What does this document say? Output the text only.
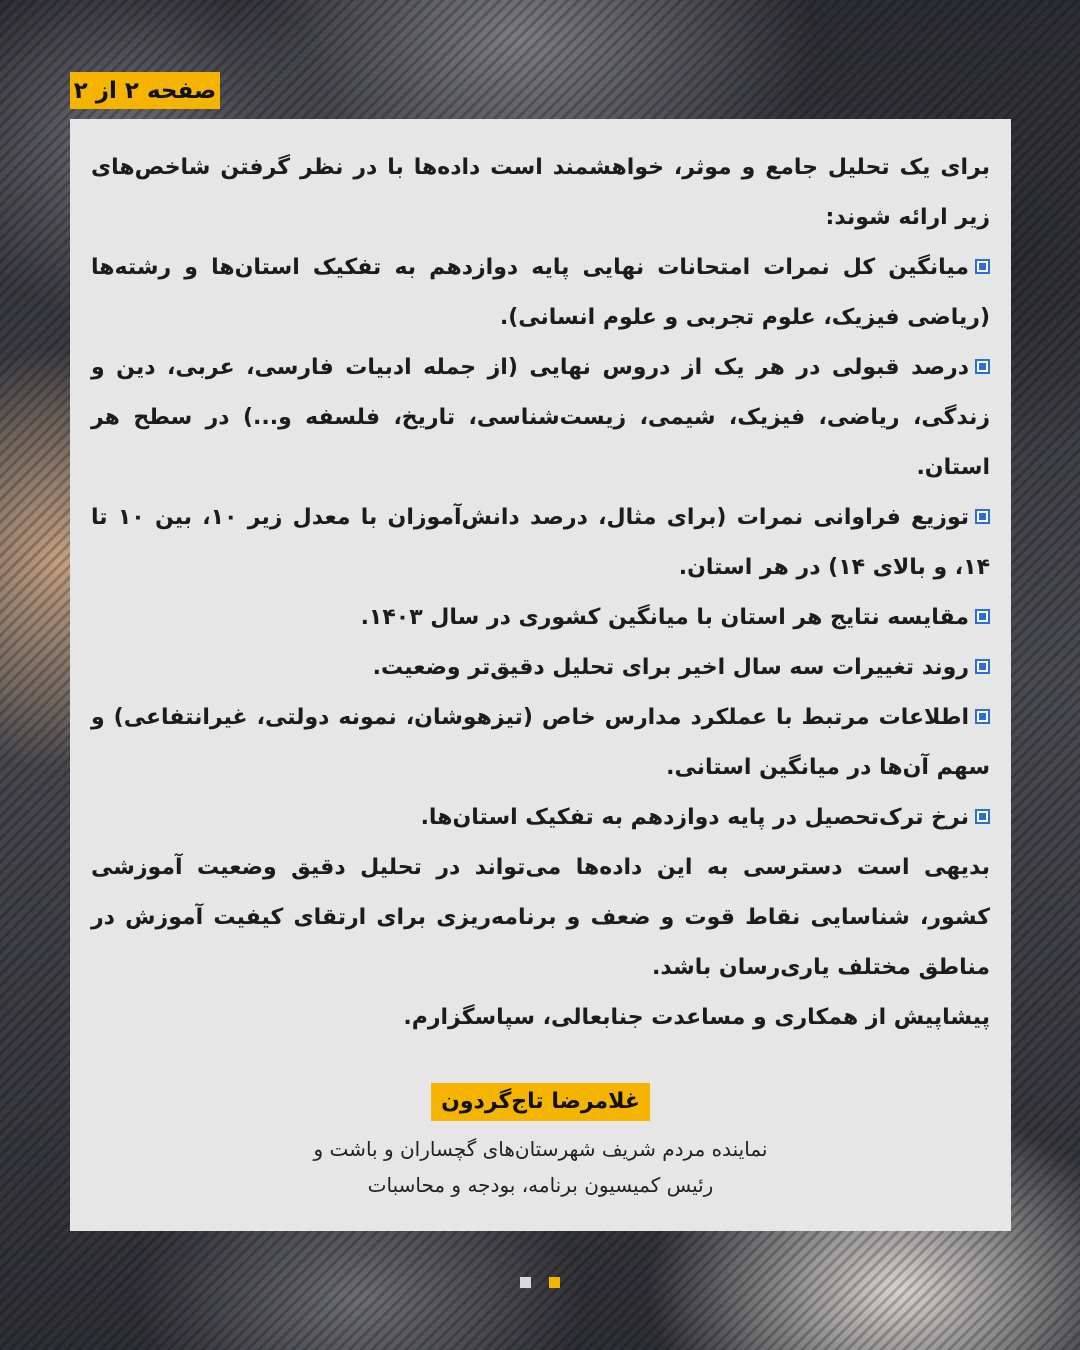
صفحه ۲ از ۲

برای یک تحلیل جامع و موثر، خواهشمند است داده‌ها با در نظر گرفتن شاخص‌های زیر ارائه شوند:

میانگین کل نمرات امتحانات نهایی پایه دوازدهم به تفکیک استان‌ها و رشته‌ها (ریاضی فیزیک، علوم تجربی و علوم انسانی).
درصد قبولی در هر یک از دروس نهایی (از جمله ادبیات فارسی، عربی، دین و زندگی، ریاضی، فیزیک، شیمی، زیست‌شناسی، تاریخ، فلسفه و...) در سطح هر استان.
توزیع فراوانی نمرات (برای مثال، درصد دانش‌آموزان با معدل زیر ۱۰، بین ۱۰ تا ۱۴، و بالای ۱۴) در هر استان.
مقایسه نتایج هر استان با میانگین کشوری در سال ۱۴۰۳.
روند تغییرات سه سال اخیر برای تحلیل دقیق‌تر وضعیت.
اطلاعات مرتبط با عملکرد مدارس خاص (تیزهوشان، نمونه دولتی، غیرانتفاعی) و سهم آن‌ها در میانگین استانی.
نرخ ترک‌تحصیل در پایه دوازدهم به تفکیک استان‌ها.

بدیهی است دسترسی به این داده‌ها می‌تواند در تحلیل دقیق وضعیت آموزشی کشور، شناسایی نقاط قوت و ضعف و برنامه‌ریزی برای ارتقای کیفیت آموزش در مناطق مختلف یاری‌رسان باشد.

پیشاپیش از همکاری و مساعدت جنابعالی، سپاسگزارم.

غلامرضا تاج‌گردون
نماینده مردم شریف شهرستان‌های گچساران و باشت و
رئیس کمیسیون برنامه، بودجه و محاسبات
